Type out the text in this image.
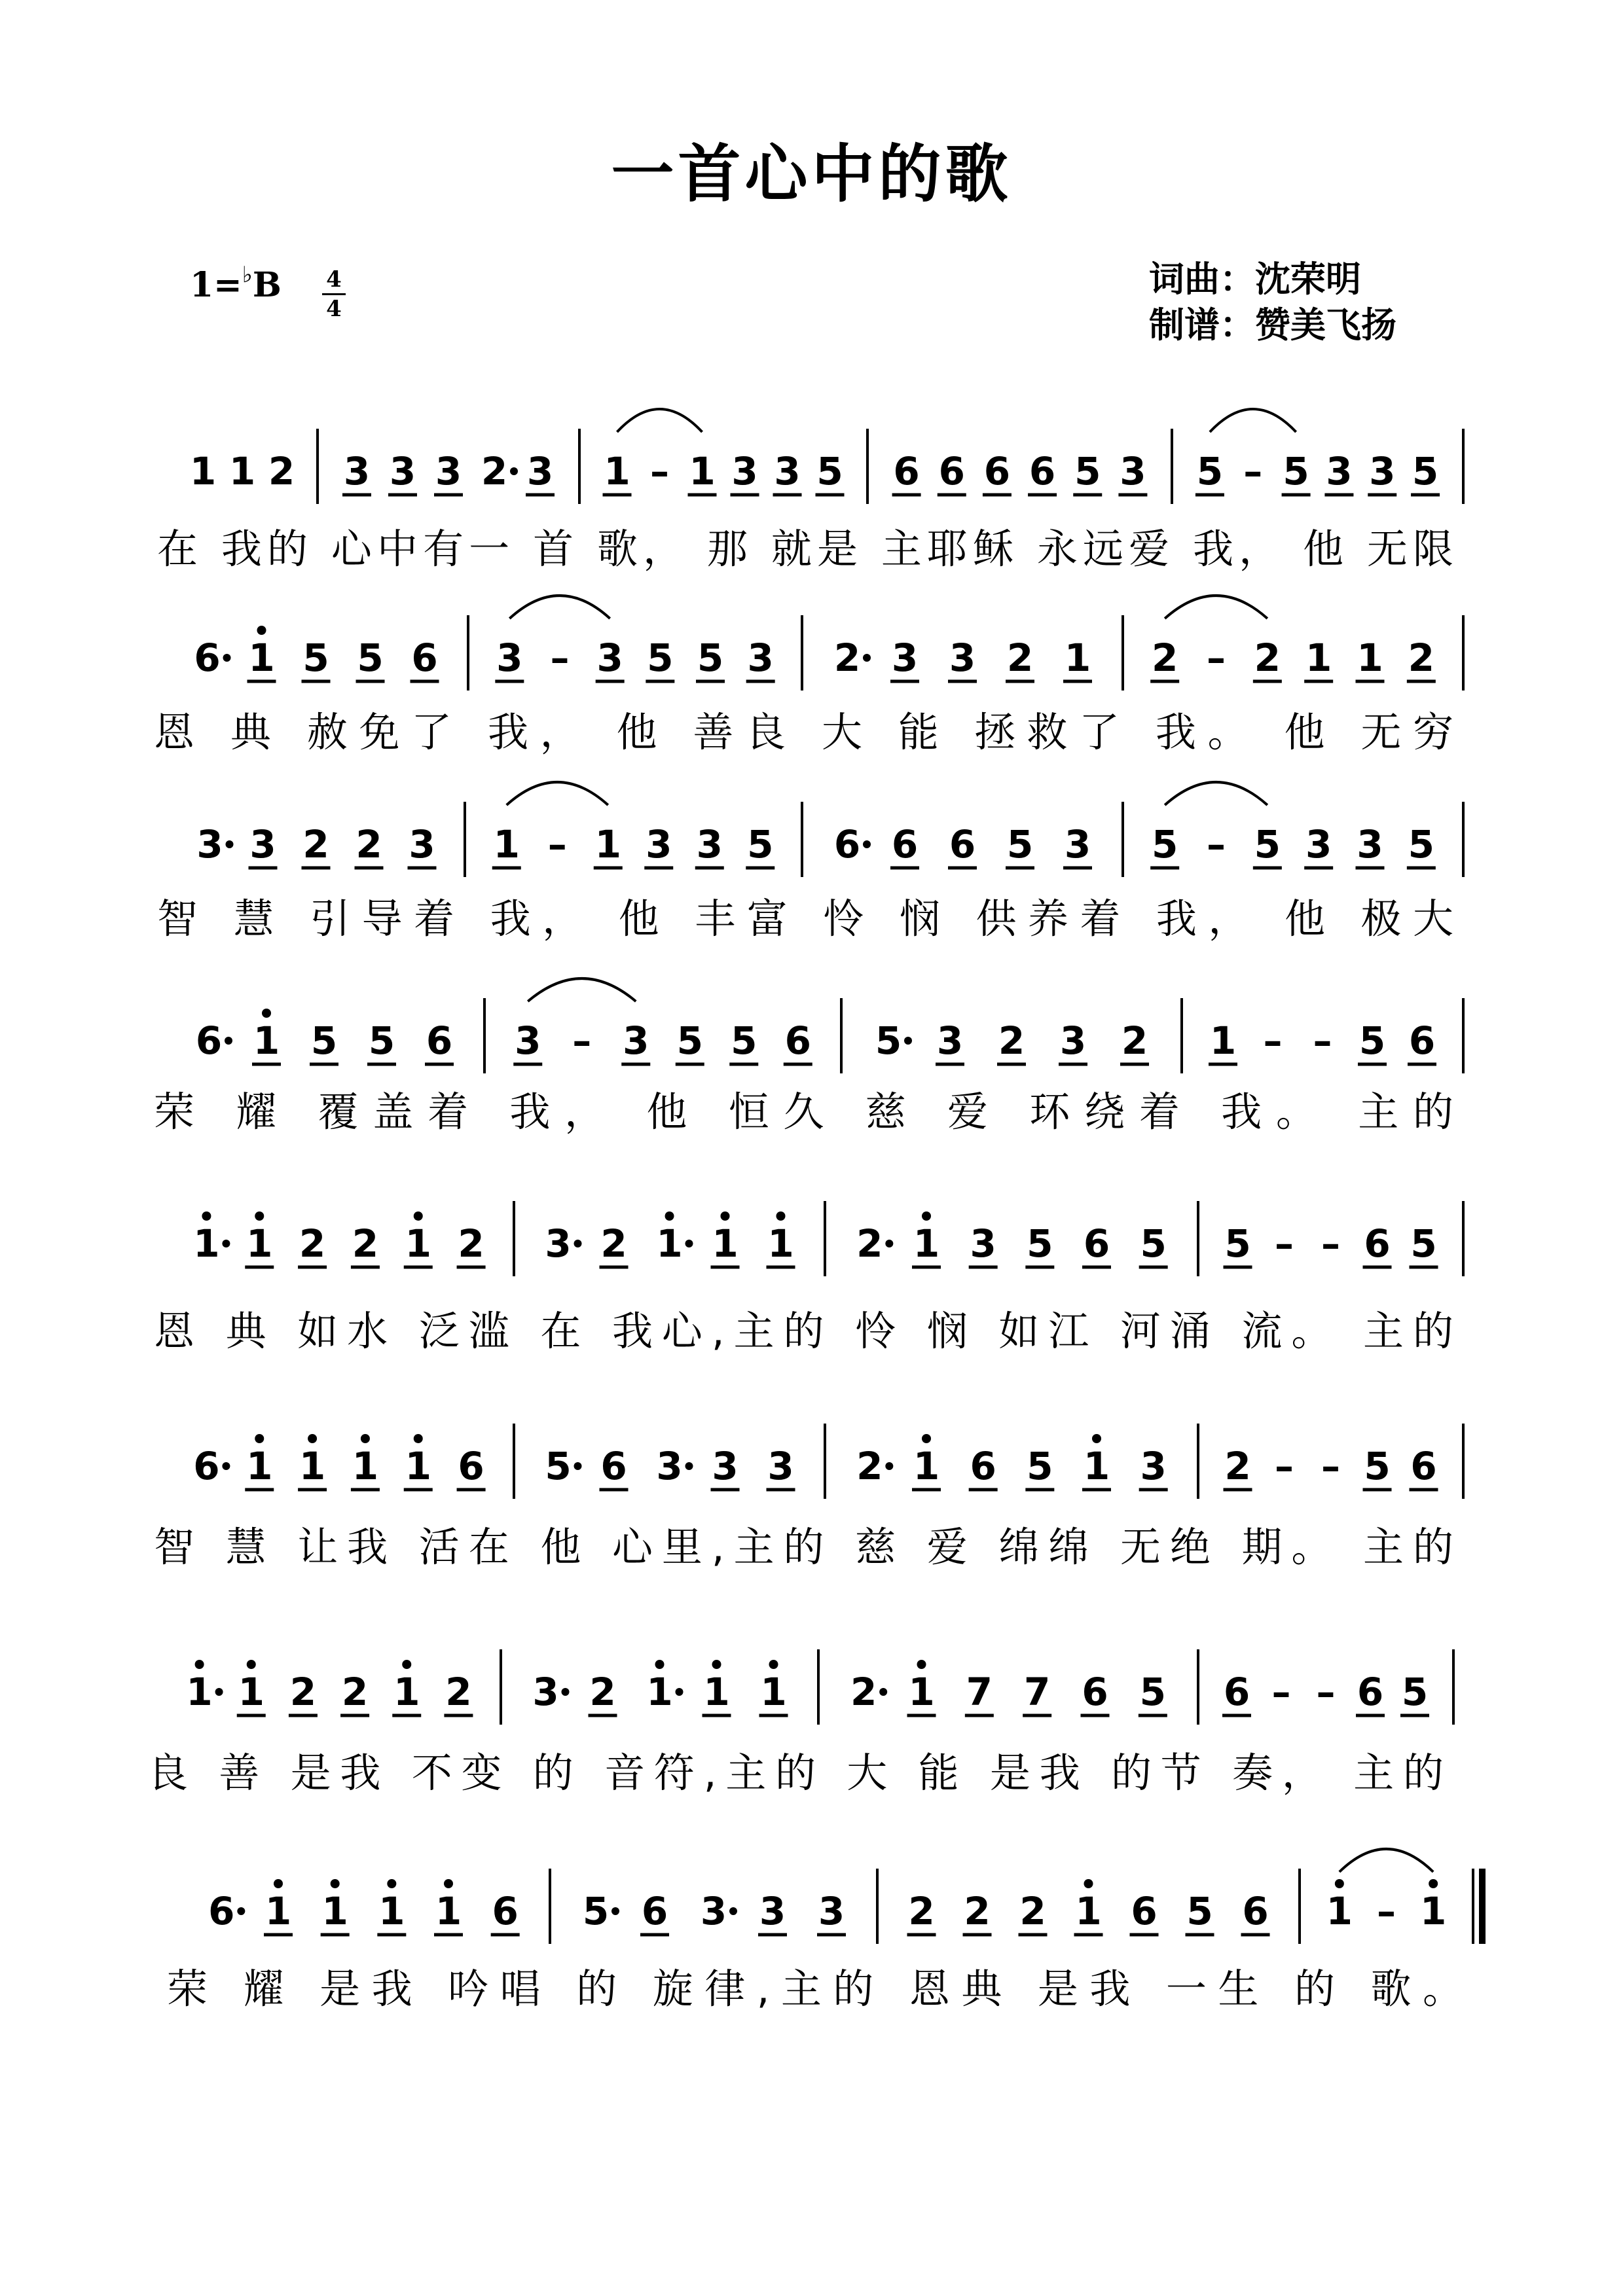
一首心中的歌
1=♭B 4
4
词曲：沈荣明
制谱：赞美飞扬
1 1 2 3 3 3 2 3 1 – 1 3 3 5 6 6 6 6 5 3 5 – 5 3 3 5
在 我的 心中有一 首 歌， 那 就是 主耶稣 永远爱 我， 他 无限
6 1 5 5 6 3 – 3 5 5 3 2 3 3 2 1 2 – 2 1 1 2
恩 典 赦免了 我， 他 善良 大 能 拯救了 我。 他 无穷
3 3 2 2 3 1 – 1 3 3 5 6 6 6 5 3 5 – 5 3 3 5
智 慧 引导着 我， 他 丰富 怜 悯 供养着 我， 他 极大
6 1 5 5 6 3 – 3 5 5 6 5 3 2 3 2 1 – – 5 6
荣 耀 覆盖着 我， 他 恒久 慈 爱 环绕着 我。 主的
1 1 2 2 1 2 3 2 1 1 1 2 1 3 5 6 5 5 – – 6 5
恩 典 如水 泛滥 在 我心,主的 怜 悯 如江 河涌 流。 主的
6 1 1 1 1 6 5 6 3 3 3 2 1 6 5 1 3 2 – – 5 6
智 慧 让我 活在 他 心里,主的 慈 爱 绵绵 无绝 期。 主的
1 1 2 2 1 2 3 2 1 1 1 2 1 7 7 6 5 6 – – 6 5
良 善 是我 不变 的 音符,主的 大 能 是我 的节 奏， 主的
6 1 1 1 1 6 5 6 3 3 3 2 2 2 1 6 5 6 1 – 1
荣 耀 是我 吟唱 的 旋律,主的 恩典 是我 一生 的 歌。
